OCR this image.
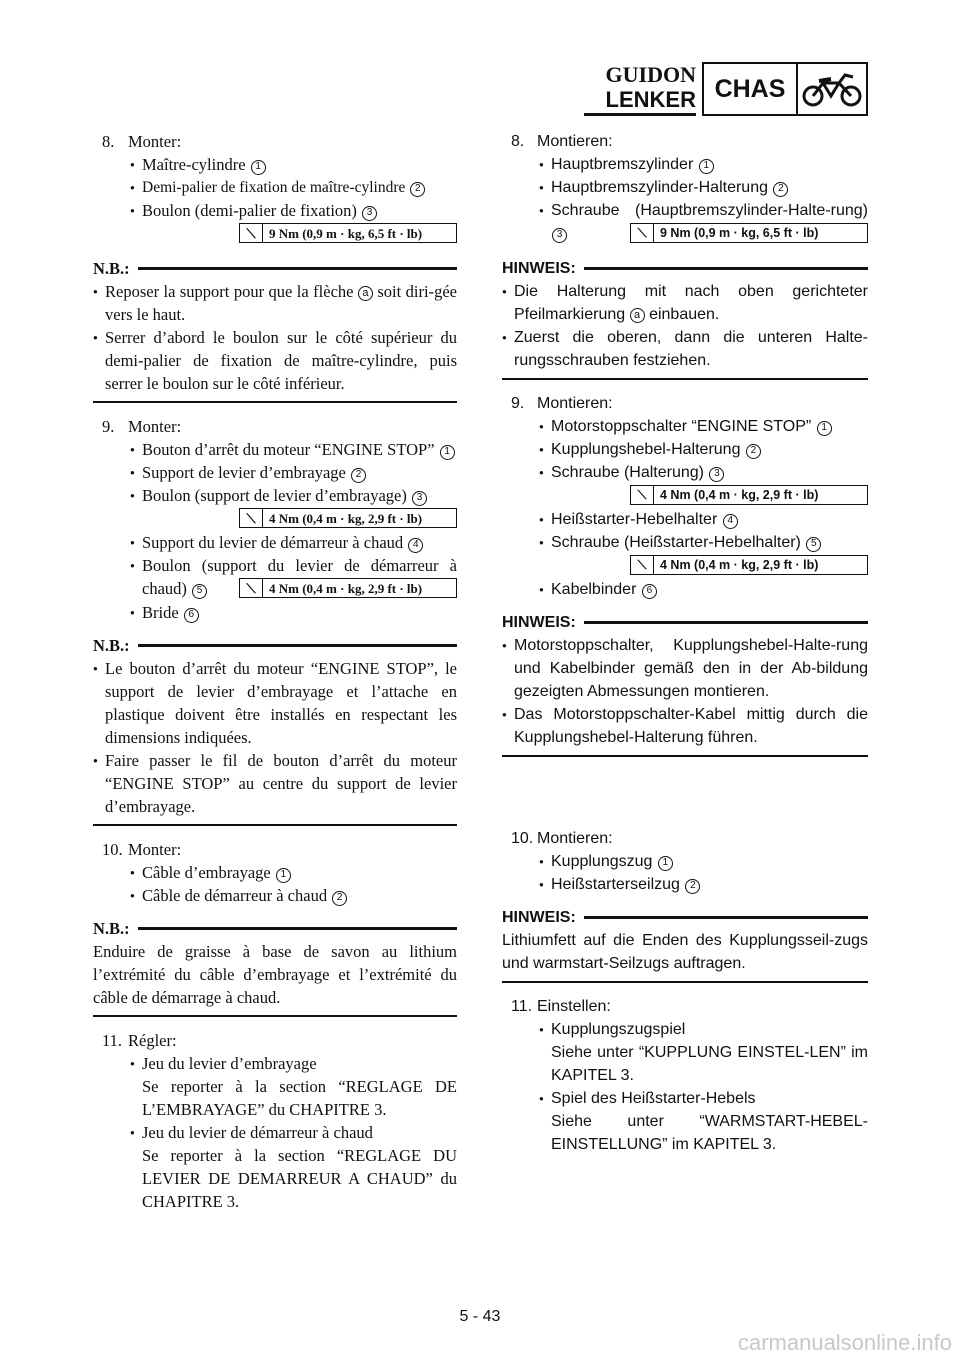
GUIDON
LENKER CHAS
8. Monter:
● Maître-cylindre 1
● Demi-palier de fixation de maître-cylindre 2
● Boulon (demi-palier de fixation) 3
⟍	9 Nm (0,9 m · kg, 6,5 ft · lb)
N.B.:
● Reposer la support pour que la flèche a soit diri-gée vers le haut.
● Serrer d’abord le boulon sur le côté supérieur du demi-palier de fixation de maître-cylindre, puis serrer le boulon sur le côté inférieur.
9. Monter:
● Bouton d’arrêt du moteur “ENGINE STOP” 1
● Support de levier d’embrayage 2
● Boulon (support de levier d’embrayage) 3
⟍	4 Nm (0,4 m · kg, 2,9 ft · lb)
● Support du levier de démarreur à chaud 4
● Boulon (support du levier de démarreur à chaud) 5	⟍	4 Nm (0,4 m · kg, 2,9 ft · lb)
● Bride 6
N.B.:
● Le bouton d’arrêt du moteur “ENGINE STOP”, le support de levier d’embrayage et l’attache en plastique doivent être installés en respectant les dimensions indiquées.
● Faire passer le fil de bouton d’arrêt du moteur “ENGINE STOP” au centre du support de levier d’embrayage.
10. Monter:
● Câble d’embrayage 1
● Câble de démarreur à chaud 2
N.B.:
Enduire de graisse à base de savon au lithium l’extrémité du câble d’embrayage et l’extrémité du câble de démarrage à chaud.
11. Régler:
● Jeu du levier d’embrayage
Se reporter à la section “REGLAGE DE L’EMBRAYAGE” du CHAPITRE 3.
● Jeu du levier de démarreur à chaud
Se reporter à la section “REGLAGE DU LEVIER DE DEMARREUR A CHAUD” du CHAPITRE 3.
8. Montieren:
● Hauptbremszylinder 1
● Hauptbremszylinder-Halterung 2
● Schraube (Hauptbremszylinder-Halte-rung) 3	⟍	9 Nm (0,9 m · kg, 6,5 ft · lb)
HINWEIS:
● Die Halterung mit nach oben gerichteter Pfeilmarkierung a einbauen.
● Zuerst die oberen, dann die unteren Halte-rungsschrauben festziehen.
9. Montieren:
● Motorstoppschalter “ENGINE STOP” 1
● Kupplungshebel-Halterung 2
● Schraube (Halterung) 3
⟍	4 Nm (0,4 m · kg, 2,9 ft · lb)
● Heißstarter-Hebelhalter 4
● Schraube (Heißstarter-Hebelhalter) 5
⟍	4 Nm (0,4 m · kg, 2,9 ft · lb)
● Kabelbinder 6
HINWEIS:
● Motorstoppschalter, Kupplungshebel-Halte-rung und Kabelbinder gemäß den in der Ab-bildung gezeigten Abmessungen montieren.
● Das Motorstoppschalter-Kabel mittig durch die Kupplungshebel-Halterung führen.
10. Montieren:
● Kupplungszug 1
● Heißstarterseilzug 2
HINWEIS:
Lithiumfett auf die Enden des Kupplungsseil-zugs und warmstart-Seilzugs auftragen.
11. Einstellen:
● Kupplungszugspiel
Siehe unter “KUPPLUNG EINSTEL-LEN” im KAPITEL 3.
● Spiel des Heißstarter-Hebels
Siehe unter “WARMSTART-HEBEL-EINSTELLUNG” im KAPITEL 3.
5 - 43
carmanualsonline.info
